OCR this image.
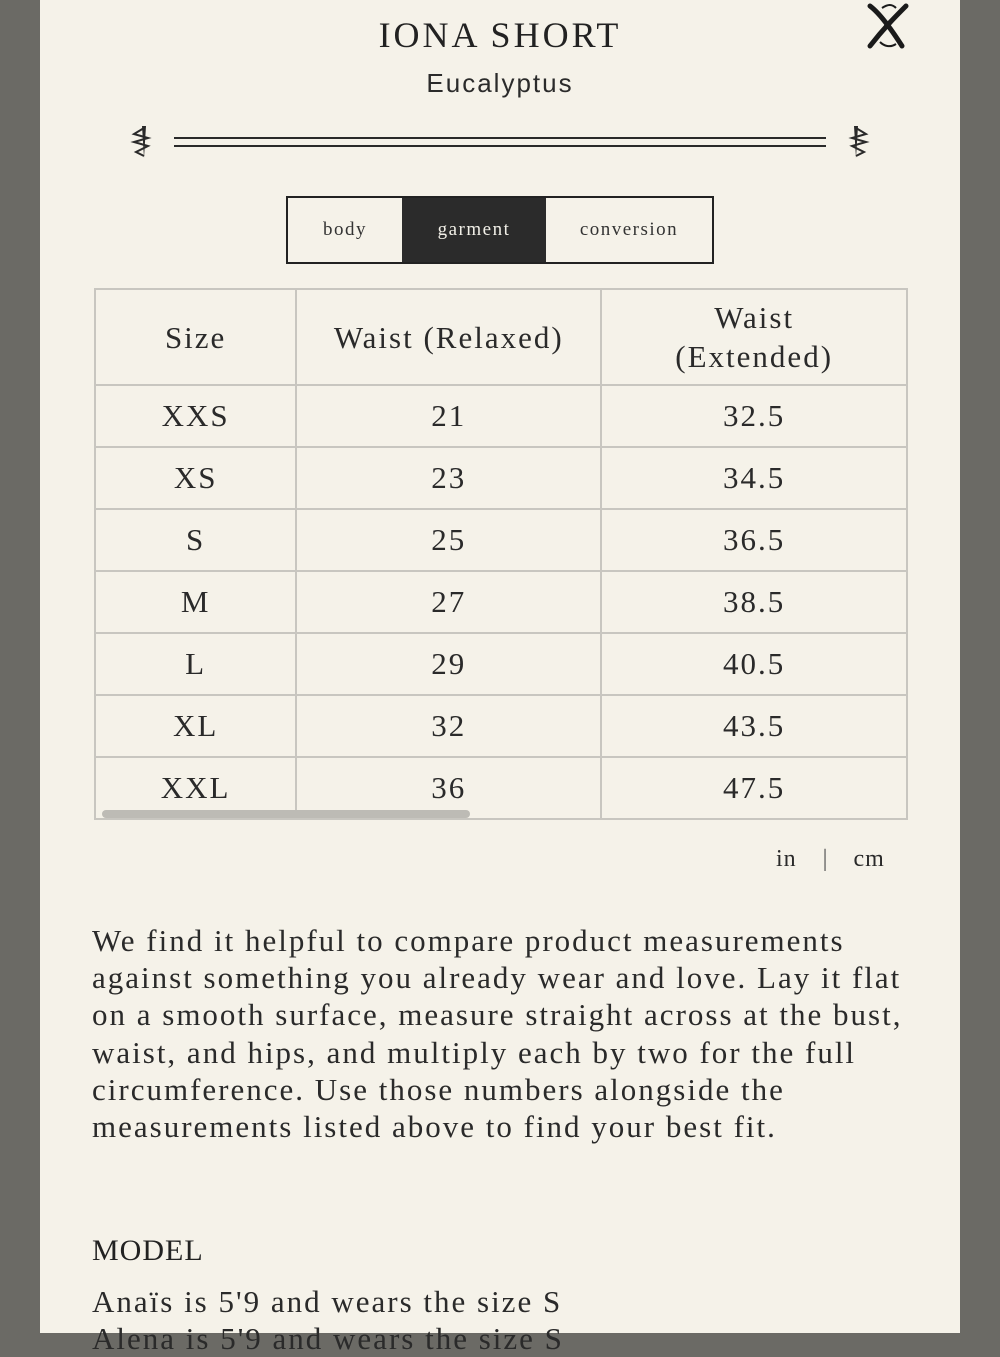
IONA SHORT
Eucalyptus
body	garment	conversion
Size	Waist (Relaxed)	Waist
(Extended)
XXS	21	32.5
XS	23	34.5
S	25	36.5
M	27	38.5
L	29	40.5
XL	32	43.5
XXL	36	47.5
in | cm

We find it helpful to compare product measurements against something you already wear and love. Lay it flat on a smooth surface, measure straight across at the bust, waist, and hips, and multiply each by two for the full circumference. Use those numbers alongside the measurements listed above to find your best fit.

MODEL
Anaïs is 5'9 and wears the size S
Alena is 5'9 and wears the size S
